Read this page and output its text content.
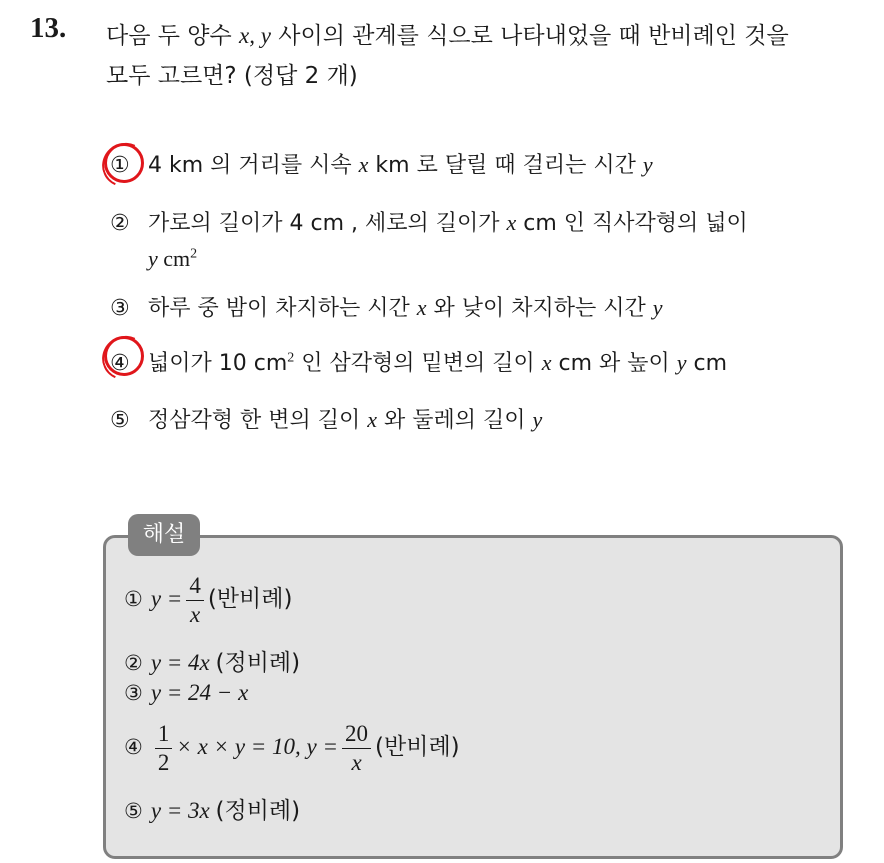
13. 다음 두 양수 x, y 사이의 관계를 식으로 나타내었을 때 반비례인 것을
모두 고르면? (정답 2 개)
① 4 km 의 거리를 시속 x km 로 달릴 때 걸리는 시간 y
② 가로의 길이가 4 cm , 세로의 길이가 x cm 인 직사각형의 넓이
y $cm^2$
③ 하루 중 밤이 차지하는 시간 x 와 낮이 차지하는 시간 y
④ 넓이가 10 $cm^2$ 인 삼각형의 밑변의 길이 x cm 와 높이 y cm
⑤ 정삼각형 한 변의 길이 x 와 둘레의 길이 y
해설
① $y = \frac{4}{x}$ (반비례)
② y = 4x (정비례)
③ y = 24 − x
④ $\frac{1}{2} \times x \times y = 10$, $y = \frac{20}{x}$ (반비례)
⑤ y = 3x (정비례)
